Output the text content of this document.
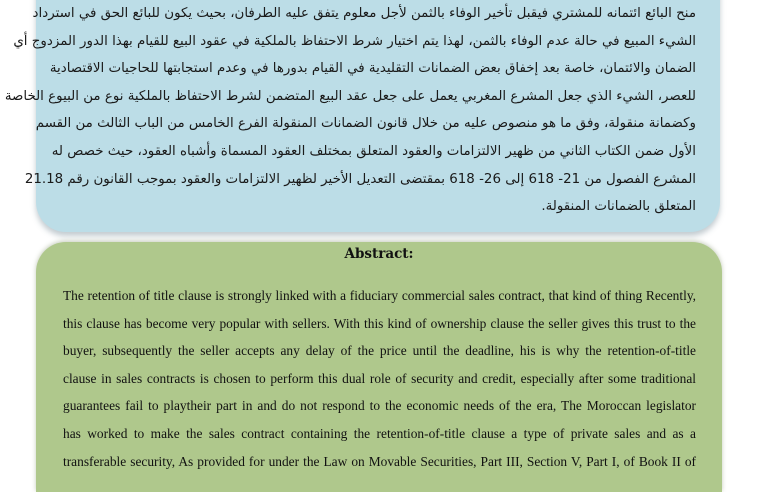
منح البائع ائتمانه للمشتري فيقبل تأخير الوفاء بالثمن لأجل معلوم يتفق عليه الطرفان، بحيث يكون للبائع الحق في استرداد
الشيء المبيع في حالة عدم الوفاء بالثمن، لهذا يتم اختيار شرط الاحتفاظ بالملكية في عقود البيع للقيام بهذا الدور المزدوج أي
الضمان والائتمان، خاصة بعد إخفاق بعض الضمانات التقليدية في القيام بدورها في وعدم استجابتها للحاجيات الاقتصادية
للعصر، الشيء الذي جعل المشرع المغربي يعمل على جعل عقد البيع المتضمن لشرط الاحتفاظ بالملكية نوع من البيوع الخاصة
وكضمانة منقولة، وفق ما هو منصوص عليه من خلال قانون الضمانات المنقولة الفرع الخامس من الباب الثالث من القسم
الأول ضمن الكتاب الثاني من ظهير الالتزامات والعقود المتعلق بمختلف العقود المسماة وأشباه العقود، حيث خصص له
المشرع الفصول من 21- 618 إلى 26- 618 بمقتضى التعديل الأخير لظهير الالتزامات والعقود بموجب القانون رقم 21.18
المتعلق بالضمانات المنقولة.
Abstract:
The retention of title clause is strongly linked with a fiduciary commercial sales contract, that kind of thing Recently,
this clause has become very popular with sellers. With this kind of ownership clause the seller gives this trust to the
buyer, subsequently the seller accepts any delay of the price until the deadline, his is why the retention-of-title
clause in sales contracts is chosen to perform this dual role of security and credit, especially after some traditional
guarantees fail to playtheir part in and do not respond to the economic needs of the era, The Moroccan legislator
has worked to make the sales contract containing the retention-of-title clause a type of private sales and as a
transferable security, As provided for under the Law on Movable Securities, Part III, Section V, Part I, of Book II of
